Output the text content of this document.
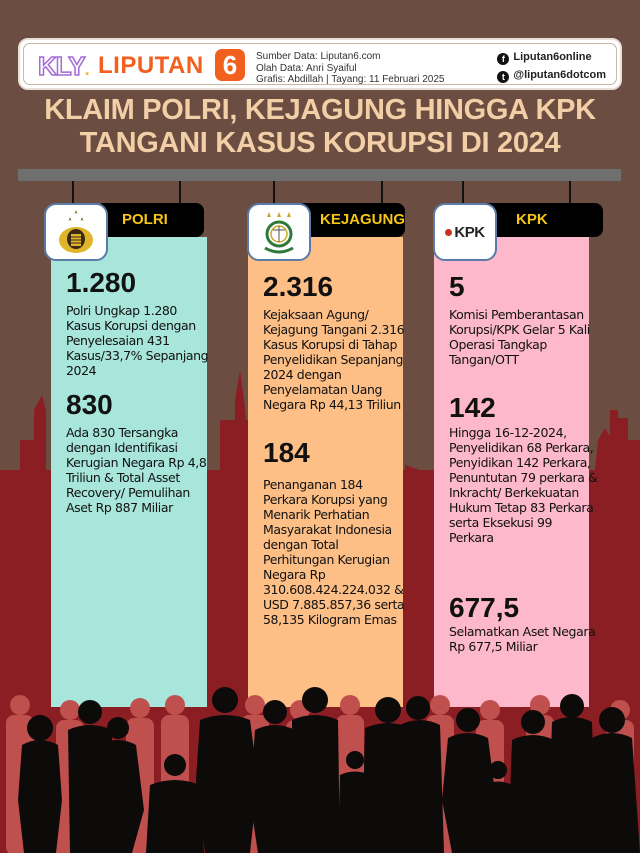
KLY. LIPUTAN 6	Sumber Data: Liputan6.com
Olah Data: Anri Syaiful
Grafis: Abdillah | Tayang: 11 Februari 2025
f Liputan6online
t @liputan6dotcom
KLAIM POLRI, KEJAGUNG HINGGA KPK
TANGANI KASUS KORUPSI DI 2024
POLRI
1.280
Polri Ungkap 1.280 Kasus Korupsi dengan Penyelesaian 431 Kasus/33,7% Sepanjang 2024
830
Ada 830 Tersangka dengan Identifikasi Kerugian Negara Rp 4,8 Triliun & Total Asset Recovery/ Pemulihan Aset Rp 887 Miliar
KEJAGUNG
2.316
Kejaksaan Agung/ Kejagung Tangani 2.316 Kasus Korupsi di Tahap Penyelidikan Sepanjang 2024 dengan Penyelamatan Uang Negara Rp 44,13 Triliun
184
Penanganan 184 Perkara Korupsi yang Menarik Perhatian Masyarakat Indonesia dengan Total Perhitungan Kerugian Negara Rp 310.608.424.224.032 & USD 7.885.857,36 serta 58,135 Kilogram Emas
KPK
KPK
5
Komisi Pemberantasan Korupsi/KPK Gelar 5 Kali Operasi Tangkap Tangan/OTT
142
Hingga 16-12-2024, Penyelidikan 68 Perkara, Penyidikan 142 Perkara, Penuntutan 79 perkara & Inkracht/ Berkekuatan Hukum Tetap 83 Perkara serta Eksekusi 99 Perkara
677,5
Selamatkan Aset Negara Rp 677,5 Miliar
